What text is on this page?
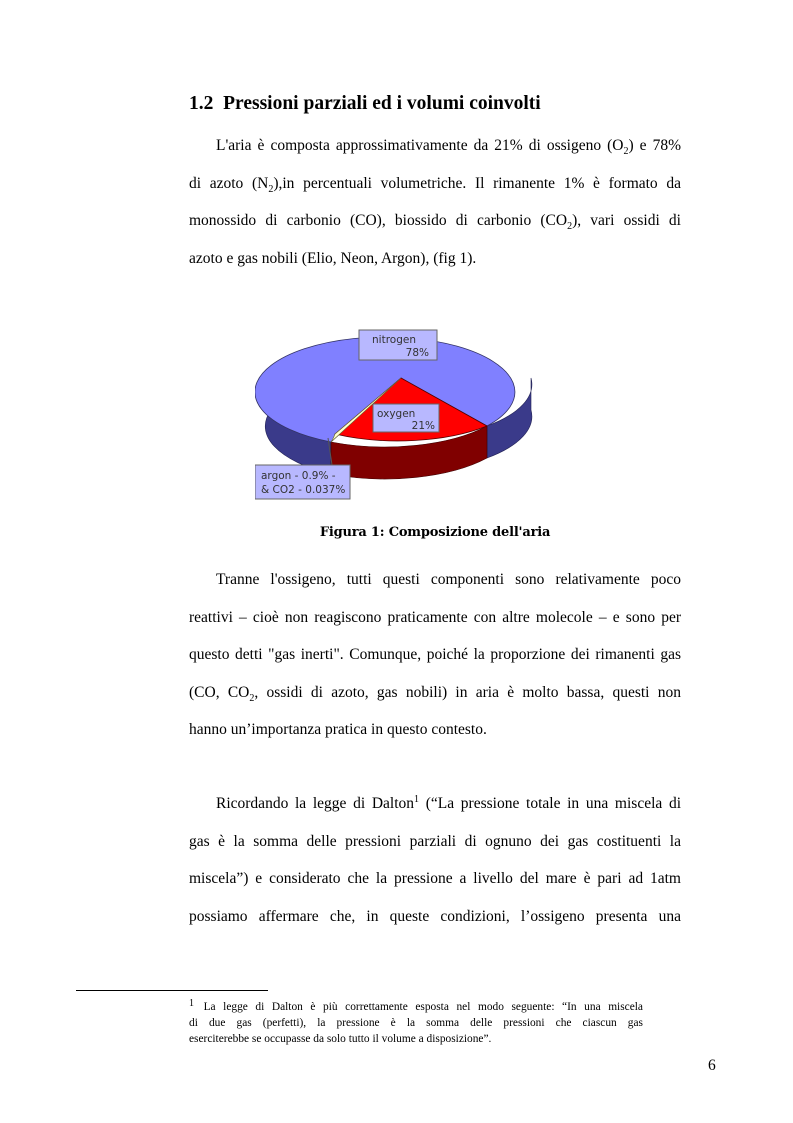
1.2 Pressioni parziali ed i volumi coinvolti
L'aria è composta approssimativamente da 21% di ossigeno $(O_2)$ e 78%
di azoto $(N_2),in$ percentuali volumetriche. Il rimanente 1% è formato da
monossido di carbonio (CO), biossido di carbonio $(CO_2)$, vari ossidi di
azoto e gas nobili (Elio, Neon, Argon), (fig 1).
nitrogen
78%
oxygen
21%
argon - 0.9% -
& CO2 - 0.037%
Figura 1: Composizione dell'aria
Tranne l'ossigeno, tutti questi componenti sono relativamente poco
reattivi – cioè non reagiscono praticamente con altre molecole – e sono per
questo detti "gas inerti". Comunque, poiché la proporzione dei rimanenti gas
(CO, $CO_2$, ossidi di azoto, gas nobili) in aria è molto bassa, questi non
hanno un’importanza pratica in questo contesto.
Ricordando la legge di Dalton$^1$ (“La pressione totale in una miscela di
gas è la somma delle pressioni parziali di ognuno dei gas costituenti la
miscela”) e considerato che la pressione a livello del mare è pari ad 1atm
possiamo affermare che, in queste condizioni, l’ossigeno presenta una
$^1$ La legge di Dalton è più correttamente esposta nel modo seguente: “In una miscela
di due gas (perfetti), la pressione è la somma delle pressioni che ciascun gas
eserciterebbe se occupasse da solo tutto il volume a disposizione”.
6
